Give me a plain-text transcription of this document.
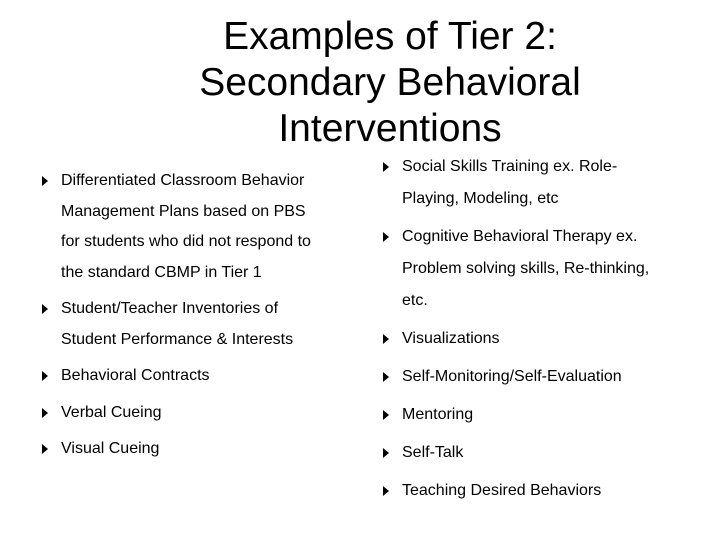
Examples of Tier 2:
Secondary Behavioral
Interventions
Differentiated Classroom Behavior
Management Plans based on PBS
for students who did not respond to
the standard CBMP in Tier 1
Student/Teacher Inventories of
Student Performance & Interests
Behavioral Contracts
Verbal Cueing
Visual Cueing
Social Skills Training ex. Role-
Playing, Modeling, etc
Cognitive Behavioral Therapy ex.
Problem solving skills, Re-thinking,
etc.
Visualizations
Self-Monitoring/Self-Evaluation
Mentoring
Self-Talk
Teaching Desired Behaviors
